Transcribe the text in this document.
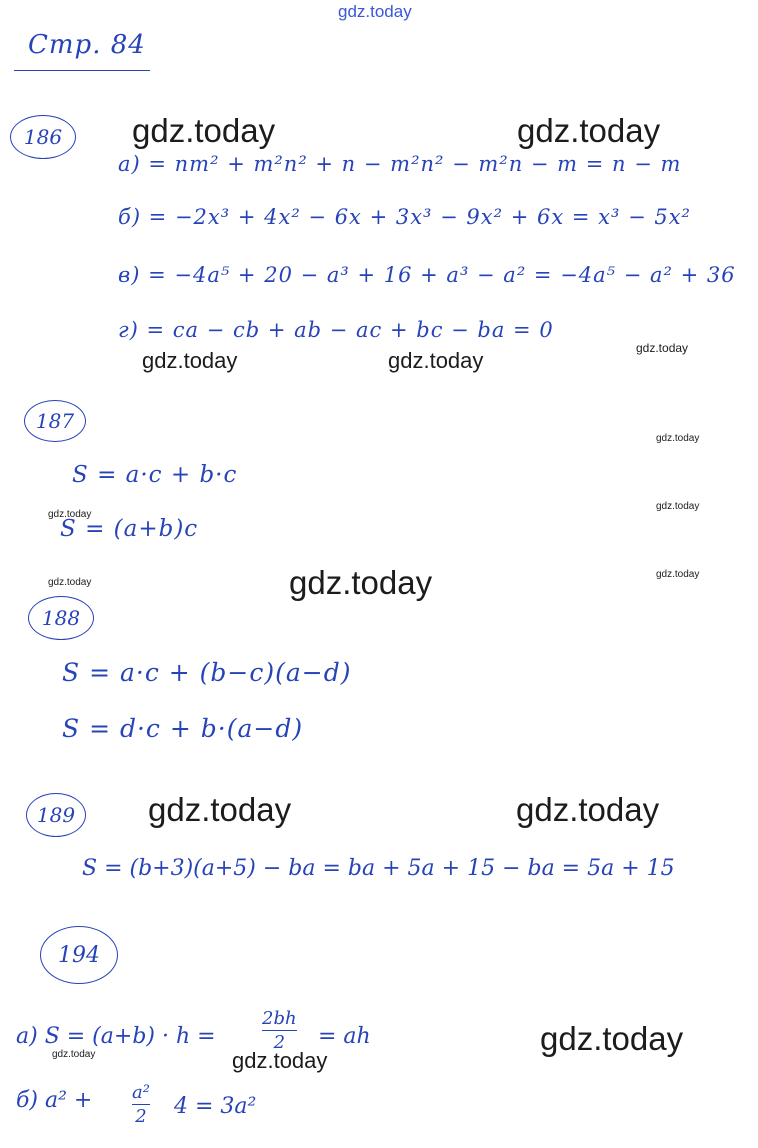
gdz.today
Стр. 84
186
а) = nm² + m²n² + n − m²n² − m²n − m = n − m
б) = −2x³ + 4x² − 6x + 3x³ − 9x² + 6x = x³ − 5x²
в) = −4a⁵ + 20 − a³ + 16 + a³ − a² = −4a⁵ − a² + 36
г) = ca − cb + ab − ac + bc − ba = 0
187
S = a·c + b·c
S = (a+b)c
188
S = a·c + (b−c)(a−d)
S = d·c + b·(a−d)
189
S = (b+3)(a+5) − ba = ba + 5a + 15 − ba = 5a + 15
194
а) S = (a+b) · h =
2bh
2 = ah
б) a² + a²
2 4 = 3a²
gdz.today	gdz.today
gdz.today	gdz.today	gdz.today
gdz.today
gdz.today
gdz.today
gdz.today
gdz.today	gdz.today
gdz.today	gdz.today
gdz.today
gdz.today	gdz.today
